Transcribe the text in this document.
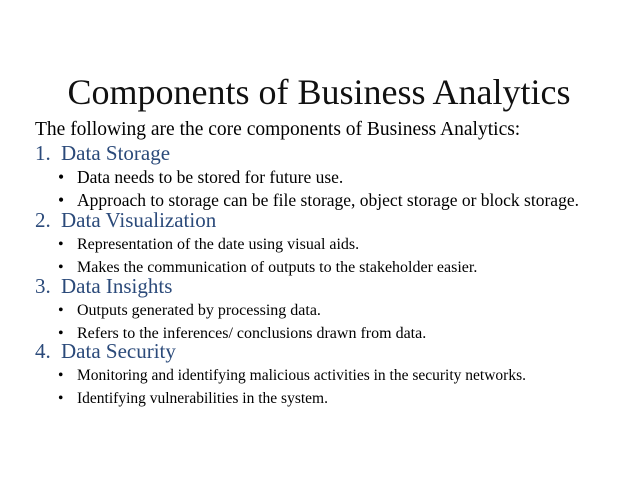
Components of Business Analytics
The following are the core components of Business Analytics:
1. Data Storage
• Data needs to be stored for future use.
• Approach to storage can be file storage, object storage or block storage.
2. Data Visualization
• Representation of the date using visual aids.
• Makes the communication of outputs to the stakeholder easier.
3. Data Insights
• Outputs generated by processing data.
• Refers to the inferences/ conclusions drawn from data.
4. Data Security
• Monitoring and identifying malicious activities in the security networks.
• Identifying vulnerabilities in the system.
